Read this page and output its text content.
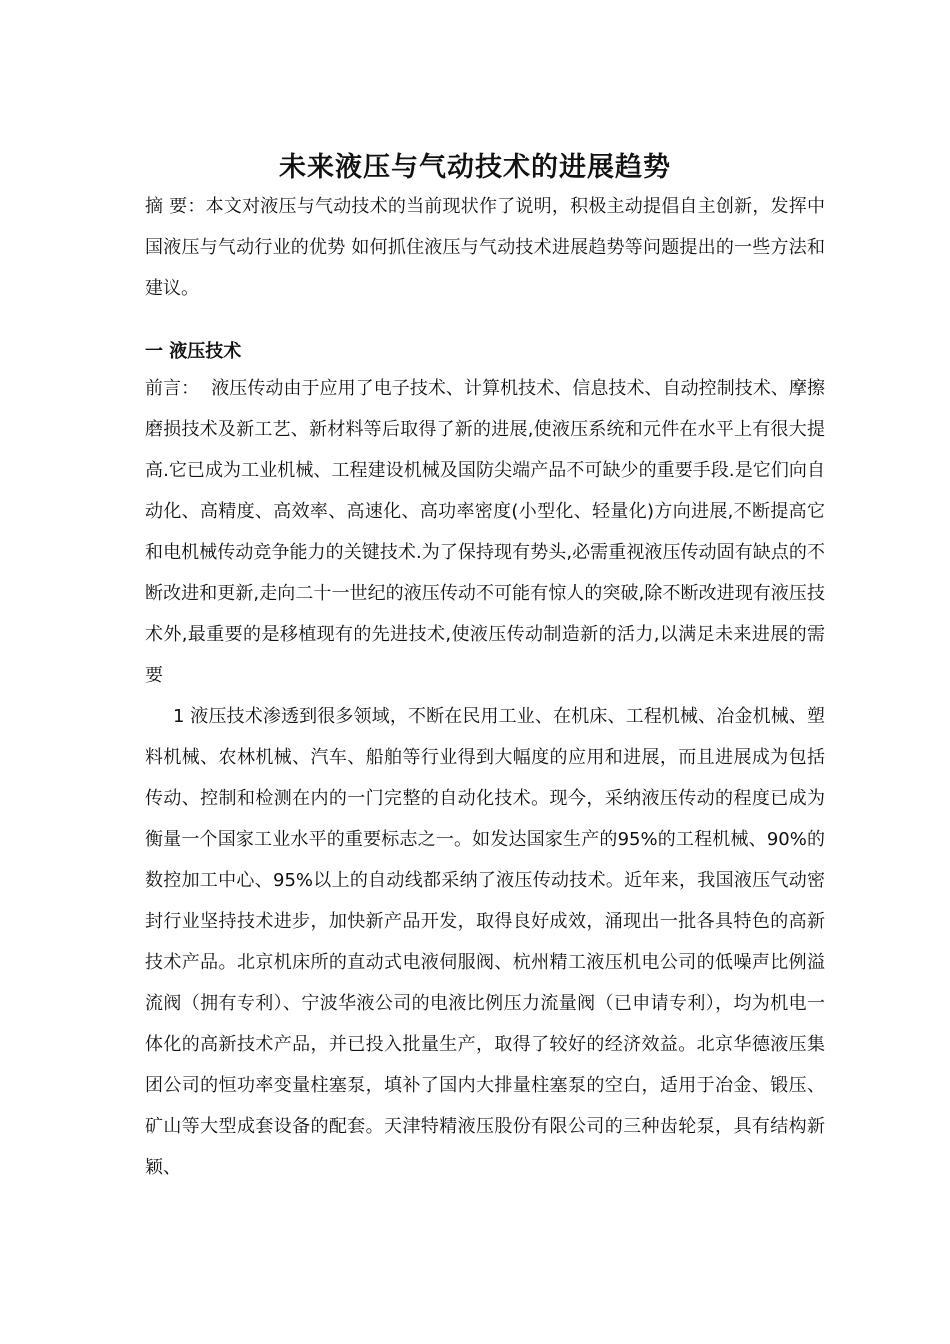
未来液压与气动技术的进展趋势

摘 要：本文对液压与气动技术的当前现状作了说明，积极主动提倡自主创新，发挥中国液压与气动行业的优势 如何抓住液压与气动技术进展趋势等问题提出的一些方法和建议。

一 液压技术

前言： 液压传动由于应用了电子技术、计算机技术、信息技术、自动控制技术、摩擦磨损技术及新工艺、新材料等后取得了新的进展,使液压系统和元件在水平上有很大提高.它已成为工业机械、工程建设机械及国防尖端产品不可缺少的重要手段.是它们向自动化、高精度、高效率、高速化、高功率密度(小型化、轻量化)方向进展,不断提高它和电机械传动竞争能力的关键技术.为了保持现有势头,必需重视液压传动固有缺点的不断改进和更新,走向二十一世纪的液压传动不可能有惊人的突破,除不断改进现有液压技术外,最重要的是移植现有的先进技术,使液压传动制造新的活力,以满足未来进展的需要

1 液压技术渗透到很多领域，不断在民用工业、在机床、工程机械、冶金机械、塑料机械、农林机械、汽车、船舶等行业得到大幅度的应用和进展，而且进展成为包括传动、控制和检测在内的一门完整的自动化技术。现今，采纳液压传动的程度已成为衡量一个国家工业水平的重要标志之一。如发达国家生产的95%的工程机械、90%的数控加工中心、95%以上的自动线都采纳了液压传动技术。近年来，我国液压气动密封行业坚持技术进步，加快新产品开发，取得良好成效，涌现出一批各具特色的高新技术产品。北京机床所的直动式电液伺服阀、杭州精工液压机电公司的低噪声比例溢流阀（拥有专利）、宁波华液公司的电液比例压力流量阀（已申请专利），均为机电一体化的高新技术产品，并已投入批量生产，取得了较好的经济效益。北京华德液压集团公司的恒功率变量柱塞泵，填补了国内大排量柱塞泵的空白，适用于冶金、锻压、矿山等大型成套设备的配套。天津特精液压股份有限公司的三种齿轮泵，具有结构新颖、
